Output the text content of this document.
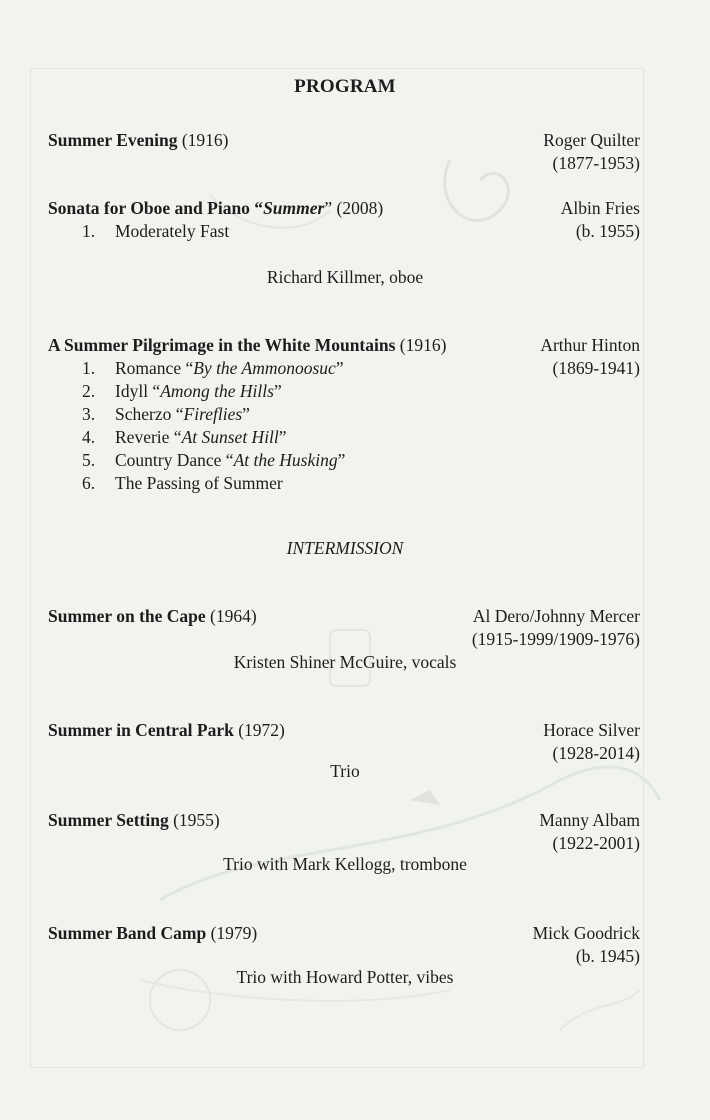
PROGRAM
Summer Evening (1916)	Roger Quilter
(1877-1953)
Sonata for Oboe and Piano “Summer” (2008)	Albin Fries
(b. 1955)
1. Moderately Fast
Richard Killmer, oboe
A Summer Pilgrimage in the White Mountains (1916)	Arthur Hinton
(1869-1941)
1. Romance “By the Ammonoosuc”
2. Idyll “Among the Hills”
3. Scherzo “Fireflies”
4. Reverie “At Sunset Hill”
5. Country Dance “At the Husking”
6. The Passing of Summer
INTERMISSION
Summer on the Cape (1964)	Al Dero/Johnny Mercer
(1915-1999/1909-1976)
Kristen Shiner McGuire, vocals
Summer in Central Park (1972)	Horace Silver
(1928-2014)
Trio
Summer Setting (1955)	Manny Albam
(1922-2001)
Trio with Mark Kellogg, trombone
Summer Band Camp (1979)	Mick Goodrick
(b. 1945)
Trio with Howard Potter, vibes
